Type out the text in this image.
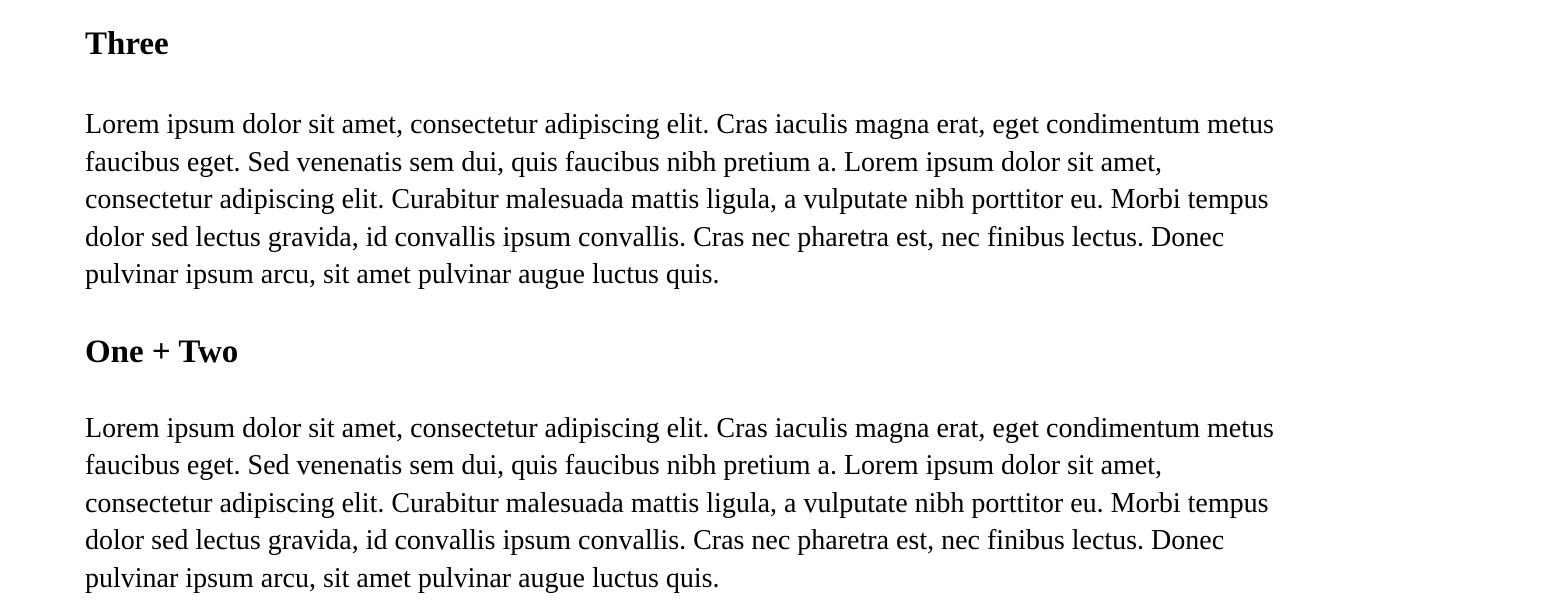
Three

Lorem ipsum dolor sit amet, consectetur adipiscing elit. Cras iaculis magna erat, eget condimentum metus
faucibus eget. Sed venenatis sem dui, quis faucibus nibh pretium a. Lorem ipsum dolor sit amet,
consectetur adipiscing elit. Curabitur malesuada mattis ligula, a vulputate nibh porttitor eu. Morbi tempus
dolor sed lectus gravida, id convallis ipsum convallis. Cras nec pharetra est, nec finibus lectus. Donec
pulvinar ipsum arcu, sit amet pulvinar augue luctus quis.

One + Two

Lorem ipsum dolor sit amet, consectetur adipiscing elit. Cras iaculis magna erat, eget condimentum metus
faucibus eget. Sed venenatis sem dui, quis faucibus nibh pretium a. Lorem ipsum dolor sit amet,
consectetur adipiscing elit. Curabitur malesuada mattis ligula, a vulputate nibh porttitor eu. Morbi tempus
dolor sed lectus gravida, id convallis ipsum convallis. Cras nec pharetra est, nec finibus lectus. Donec
pulvinar ipsum arcu, sit amet pulvinar augue luctus quis.
